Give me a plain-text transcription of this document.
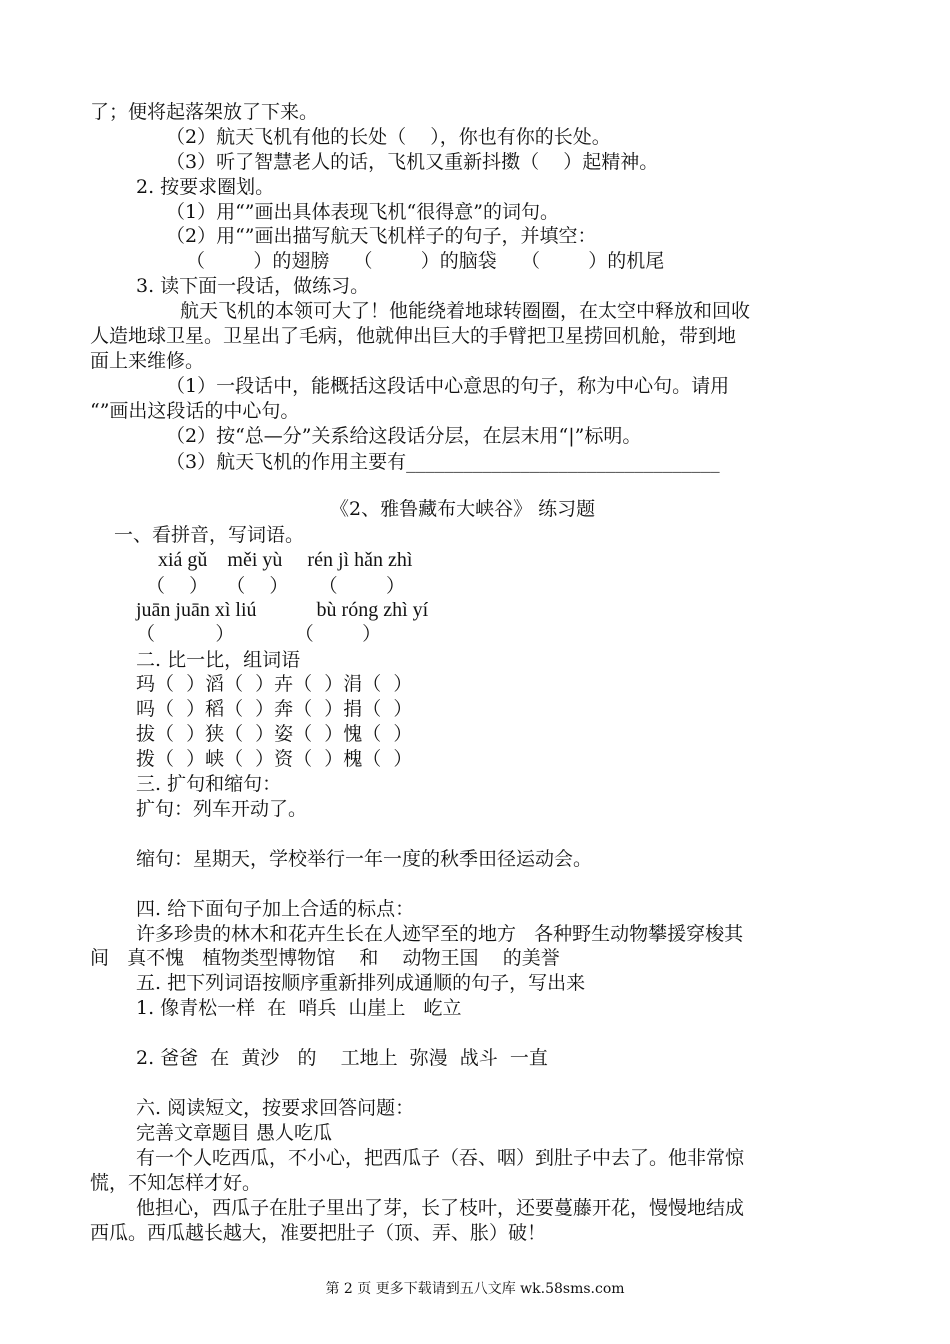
了；便将起落架放了下来。
（2）航天飞机有他的长处（    ），你也有你的长处。
（3）听了智慧老人的话，飞机又重新抖擞（    ）起精神。
2. 按要求圈划。
（1）用“”画出具体表现飞机“很得意”的词句。
（2）用“”画出描写航天飞机样子的句子，并填空：
（        ）的翅膀    （        ）的脑袋    （        ）的机尾
3. 读下面一段话，做练习。
航天飞机的本领可大了！他能绕着地球转圈圈，在太空中释放和回收
人造地球卫星。卫星出了毛病，他就伸出巨大的手臂把卫星捞回机舱，带到地
面上来维修。
（1）一段话中，能概括这段话中心意思的句子，称为中心句。请用
“”画出这段话的中心句。
（2）按“总—分”关系给这段话分层，在层末用“|”标明。
（3）航天飞机的作用主要有_________________________________
《2、雅鲁藏布大峡谷》 练习题
一、看拼音，写词语。
xiá gǔ    měi yù     rén jì hǎn zhì
（    ）   （    ）     （        ）
juān juān xì liú            bù róng zhì yí
（          ）          （        ）
二. 比一比，组词语
玛（  ）滔（  ）卉（  ）涓（  ）
吗（  ）稻（  ）奔（  ）捐（  ）
拔（  ）狭（  ）姿（  ）愧（  ）
拨（  ）峡（  ）资（  ）槐（  ）
三. 扩句和缩句：
扩句：列车开动了。
缩句：星期天，学校举行一年一度的秋季田径运动会。
四. 给下面句子加上合适的标点：
许多珍贵的林木和花卉生长在人迹罕至的地方   各种野生动物攀援穿梭其
间   真不愧   植物类型博物馆    和    动物王国    的美誉
五. 把下列词语按顺序重新排列成通顺的句子，写出来
1. 像青松一样  在  哨兵  山崖上   屹立
2. 爸爸  在  黄沙   的    工地上  弥漫  战斗  一直
六. 阅读短文，按要求回答问题：
完善文章题目 愚人吃瓜
有一个人吃西瓜，不小心，把西瓜子（吞、咽）到肚子中去了。他非常惊
慌，不知怎样才好。
他担心，西瓜子在肚子里出了芽，长了枝叶，还要蔓藤开花，慢慢地结成
西瓜。西瓜越长越大，准要把肚子（顶、弄、胀）破！
第 2 页 更多下载请到五八文库 wk.58sms.com
